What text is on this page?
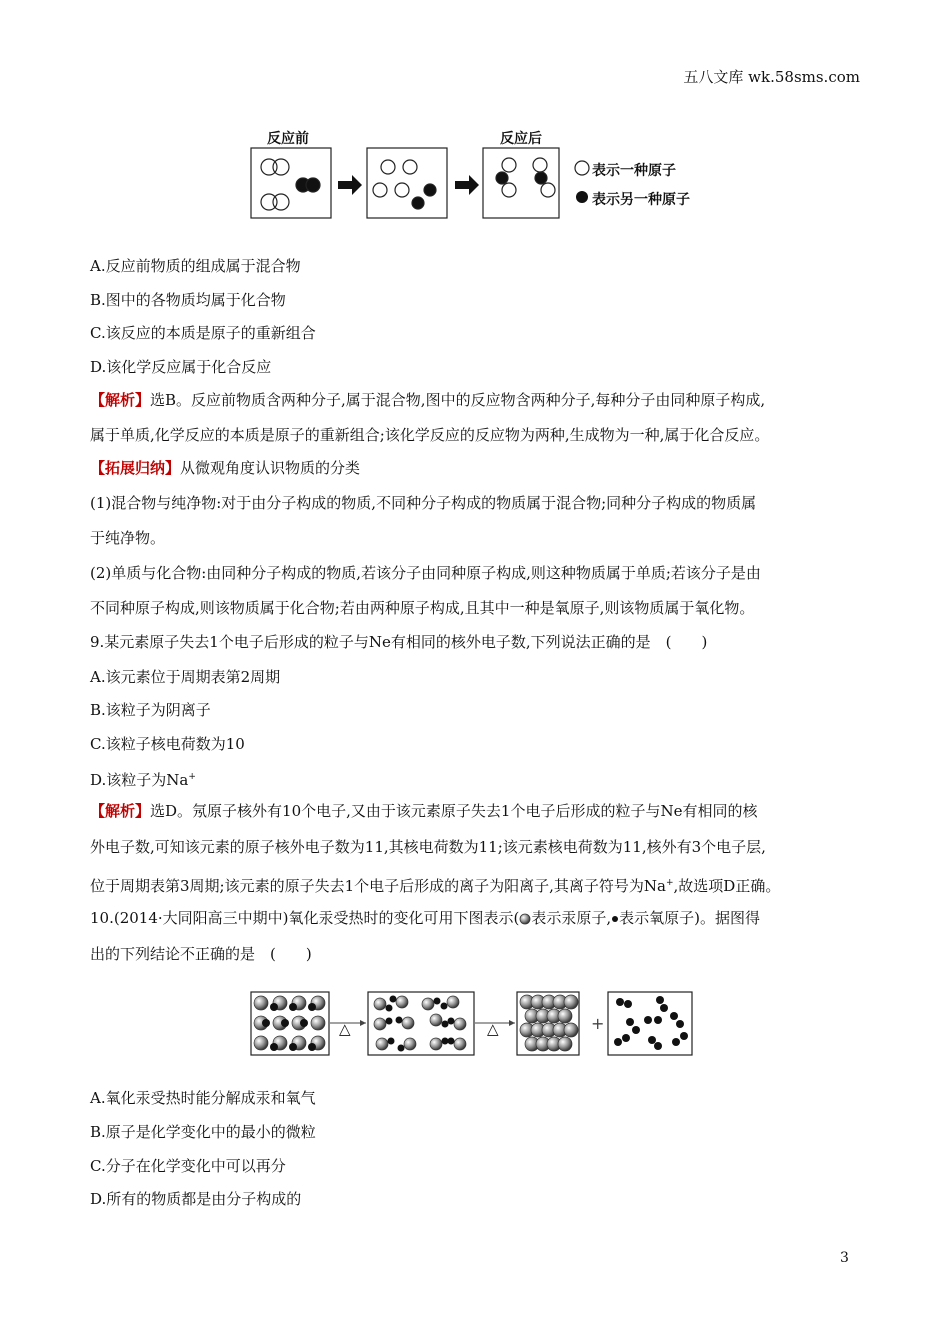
五八文库 wk.58sms.com
反应前	反应后
表示一种原子
表示另一种原子
A.反应前物质的组成属于混合物
B.图中的各物质均属于化合物
C.该反应的本质是原子的重新组合
D.该化学反应属于化合反应
【解析】选B。反应前物质含两种分子,属于混合物,图中的反应物含两种分子,每种分子由同种原子构成,
属于单质,化学反应的本质是原子的重新组合;该化学反应的反应物为两种,生成物为一种,属于化合反应。
【拓展归纳】从微观角度认识物质的分类
(1)混合物与纯净物:对于由分子构成的物质,不同种分子构成的物质属于混合物;同种分子构成的物质属
于纯净物。
(2)单质与化合物:由同种分子构成的物质,若该分子由同种原子构成,则这种物质属于单质;若该分子是由
不同种原子构成,则该物质属于化合物;若由两种原子构成,且其中一种是氧原子,则该物质属于氧化物。
9.某元素原子失去1个电子后形成的粒子与Ne有相同的核外电子数,下列说法正确的是　(　　)
A.该元素位于周期表第2周期
B.该粒子为阴离子
C.该粒子核电荷数为10
D.该粒子为Na+
【解析】选D。氖原子核外有10个电子,又由于该元素原子失去1个电子后形成的粒子与Ne有相同的核
外电子数,可知该元素的原子核外电子数为11,其核电荷数为11;该元素核电荷数为11,核外有3个电子层,
位于周期表第3周期;该元素的原子失去1个电子后形成的离子为阳离子,其离子符号为Na+,故选项D正确。
10.(2014·大同阳高三中期中)氧化汞受热时的变化可用下图表示( 表示汞原子, 表示氧原子)。据图得
出的下列结论不正确的是　(　　)
△	△	+
A.氧化汞受热时能分解成汞和氧气
B.原子是化学变化中的最小的微粒
C.分子在化学变化中可以再分
D.所有的物质都是由分子构成的
3
